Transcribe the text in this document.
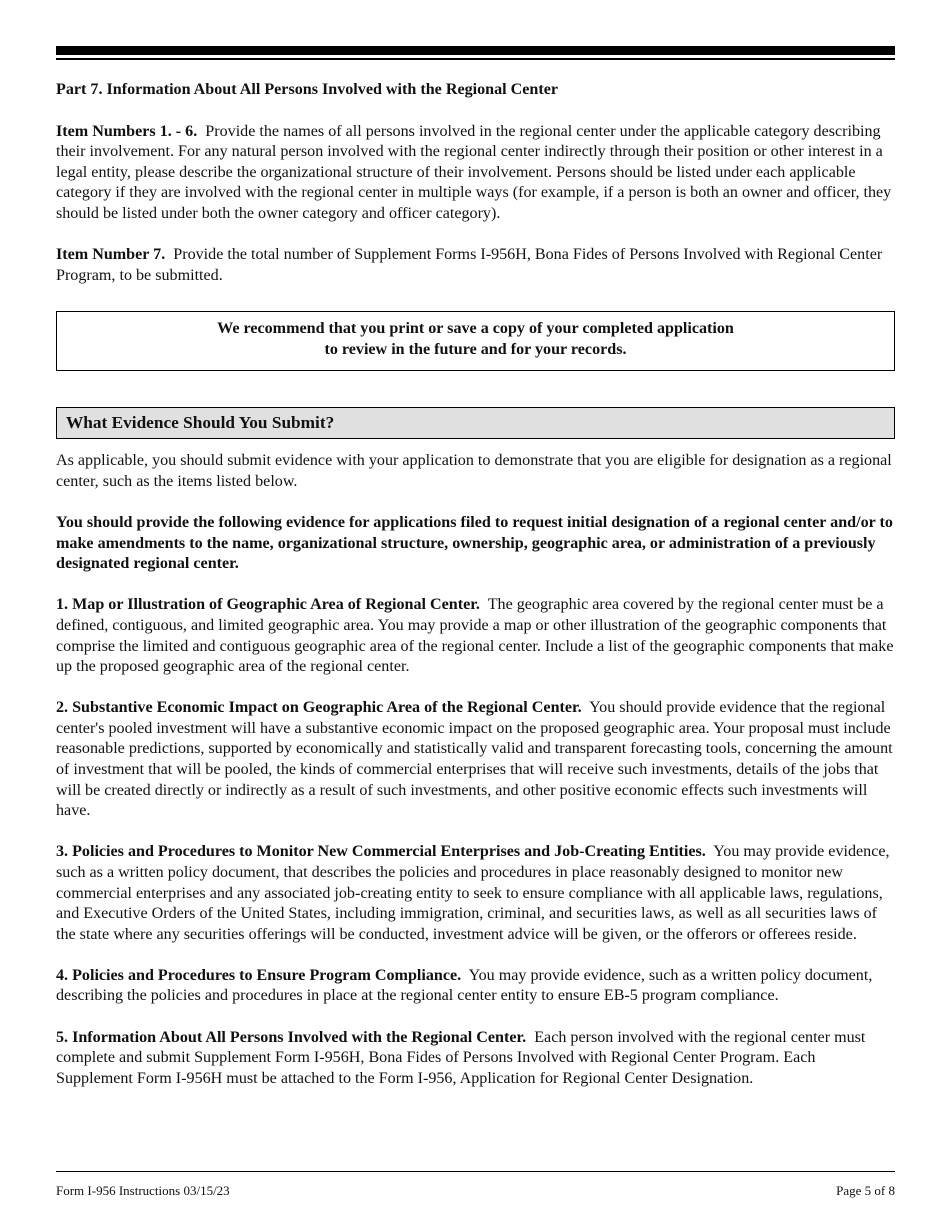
Part 7. Information About All Persons Involved with the Regional Center

Item Numbers 1. - 6. Provide the names of all persons involved in the regional center under the applicable category describing their involvement. For any natural person involved with the regional center indirectly through their position or other interest in a legal entity, please describe the organizational structure of their involvement. Persons should be listed under each applicable category if they are involved with the regional center in multiple ways (for example, if a person is both an owner and officer, they should be listed under both the owner category and officer category).

Item Number 7. Provide the total number of Supplement Forms I-956H, Bona Fides of Persons Involved with Regional Center Program, to be submitted.

We recommend that you print or save a copy of your completed application
to review in the future and for your records.
What Evidence Should You Submit?

As applicable, you should submit evidence with your application to demonstrate that you are eligible for designation as a regional center, such as the items listed below.

You should provide the following evidence for applications filed to request initial designation of a regional center and/or to make amendments to the name, organizational structure, ownership, geographic area, or administration of a previously designated regional center.

1. Map or Illustration of Geographic Area of Regional Center. The geographic area covered by the regional center must be a defined, contiguous, and limited geographic area. You may provide a map or other illustration of the geographic components that comprise the limited and contiguous geographic area of the regional center. Include a list of the geographic components that make up the proposed geographic area of the regional center.

2. Substantive Economic Impact on Geographic Area of the Regional Center. You should provide evidence that the regional center's pooled investment will have a substantive economic impact on the proposed geographic area. Your proposal must include reasonable predictions, supported by economically and statistically valid and transparent forecasting tools, concerning the amount of investment that will be pooled, the kinds of commercial enterprises that will receive such investments, details of the jobs that will be created directly or indirectly as a result of such investments, and other positive economic effects such investments will have.

3. Policies and Procedures to Monitor New Commercial Enterprises and Job-Creating Entities. You may provide evidence, such as a written policy document, that describes the policies and procedures in place reasonably designed to monitor new commercial enterprises and any associated job-creating entity to seek to ensure compliance with all applicable laws, regulations, and Executive Orders of the United States, including immigration, criminal, and securities laws, as well as all securities laws of the state where any securities offerings will be conducted, investment advice will be given, or the offerors or offerees reside.

4. Policies and Procedures to Ensure Program Compliance. You may provide evidence, such as a written policy document, describing the policies and procedures in place at the regional center entity to ensure EB-5 program compliance.

5. Information About All Persons Involved with the Regional Center. Each person involved with the regional center must complete and submit Supplement Form I-956H, Bona Fides of Persons Involved with Regional Center Program. Each Supplement Form I-956H must be attached to the Form I-956, Application for Regional Center Designation.

Form I-956 Instructions 03/15/23	Page 5 of 8
